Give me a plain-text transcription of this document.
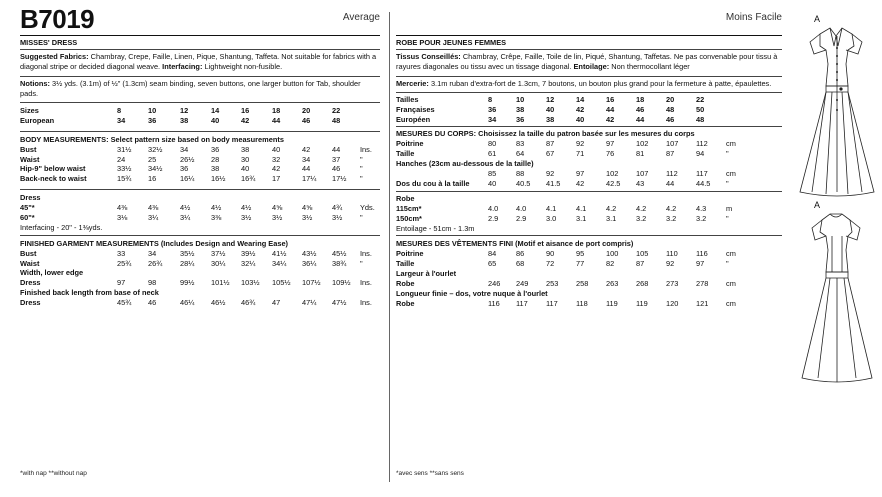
B7019	Average
MISSES' DRESS
Suggested Fabrics: Chambray, Crepe, Faille, Linen, Pique, Shantung, Taffeta. Not suitable for fabrics with a diagonal stripe or decided diagonal weave. Interfacing: Lightweight non-fusible.
Notions: 3½ yds. (3.1m) of ½" (1.3cm) seam binding, seven buttons, one larger button for Tab, shoulder pads.
Sizes	8	10	12	14	16	18	20	22
European	34	36	38	40	42	44	46	48
BODY MEASUREMENTS: Select pattern size based on body measurements
Bust	31½ 32½ 34	36	38	40	42	44	Ins.
Waist	24	25	26½ 28	30	32	34	37	"
Hip-9" below waist	33½ 34½ 36	38	40	42	44	46	"
Back-neck to waist	15¾ 16	16¼ 16½ 16¾ 17	17¼ 17½ "
Dress
45"*	4⅜	4⅜	4½	4½	4½	4⅝	4⅝	4¾ Yds.
60"*	3⅛	3¼	3¼	3⅜	3½	3½	3½	3½ "
Interfacing - 20" - 1⅜yds.
FINISHED GARMENT MEASUREMENTS (Includes Design and Wearing Ease)
Bust	33	34	35½ 37½ 39½ 41½ 43½ 45½ Ins.
Waist	25¾ 26¾ 28¼ 30¼ 32¼ 34¼ 36¼ 38¾ "
Width, lower edge
Dress	97	98	99½ 101½ 103½ 105½ 107½ 109½ Ins.
Finished back length from base of neck
Dress	45¾ 46	46¼ 46½ 46¾ 47	47¼ 47½ Ins.
*with nap **without nap
Moins Facile
ROBE POUR JEUNES FEMMES
Tissus Conseillés: Chambray, Crêpe, Faille, Toile de lin, Piqué, Shantung, Taffetas. Ne pas convenable pour tissu à rayures diagonales ou tissu avec un tissage diagonal. Entoilage: Non thermocollant léger
Mercerie: 3.1m ruban d'extra-fort de 1.3cm, 7 boutons, un bouton plus grand pour la fermeture à patte, épaulettes.
Tailles	8	10	12	14	16	18	20	22
Françaises	36	38	40	42	44	46	48	50
Européen	34	36	38	40	42	44	46	48
MESURES DU CORPS: Choisissez la taille du patron basée sur les mesures du corps
Poitrine	80	83	87	92	97	102 107 112 cm
Taille	61	64	67	71	76	81	87	94	"
Hanches (23cm au-dessous de la taille)
85	88	92	97	102 107 112 117 cm
Dos du cou à la taille 40	40.5 41.5 42	42.5 43	44	44.5 "
Robe
115cm*	4.0 4.0	4.1	4.1	4.2	4.2	4.2	4.3	m
150cm*	2.9 2.9	3.0	3.1	3.1	3.2	3.2	3.2	"
Entoilage - 51cm - 1.3m
MESURES DES VÊTEMENTS FINI (Motif et aisance de port compris)
Poitrine	84	86	90	95	100 105 110 116 cm
Taille	65	68	72	77	82	87	92	97	"
Largeur à l'ourlet
Robe	246 249 253 258 263 268 273 278 cm
Longueur finie – dos, votre nuque à l'ourlet
Robe	116 117 117 118 119 119 120 121 cm
*avec sens **sans sens
A
A
